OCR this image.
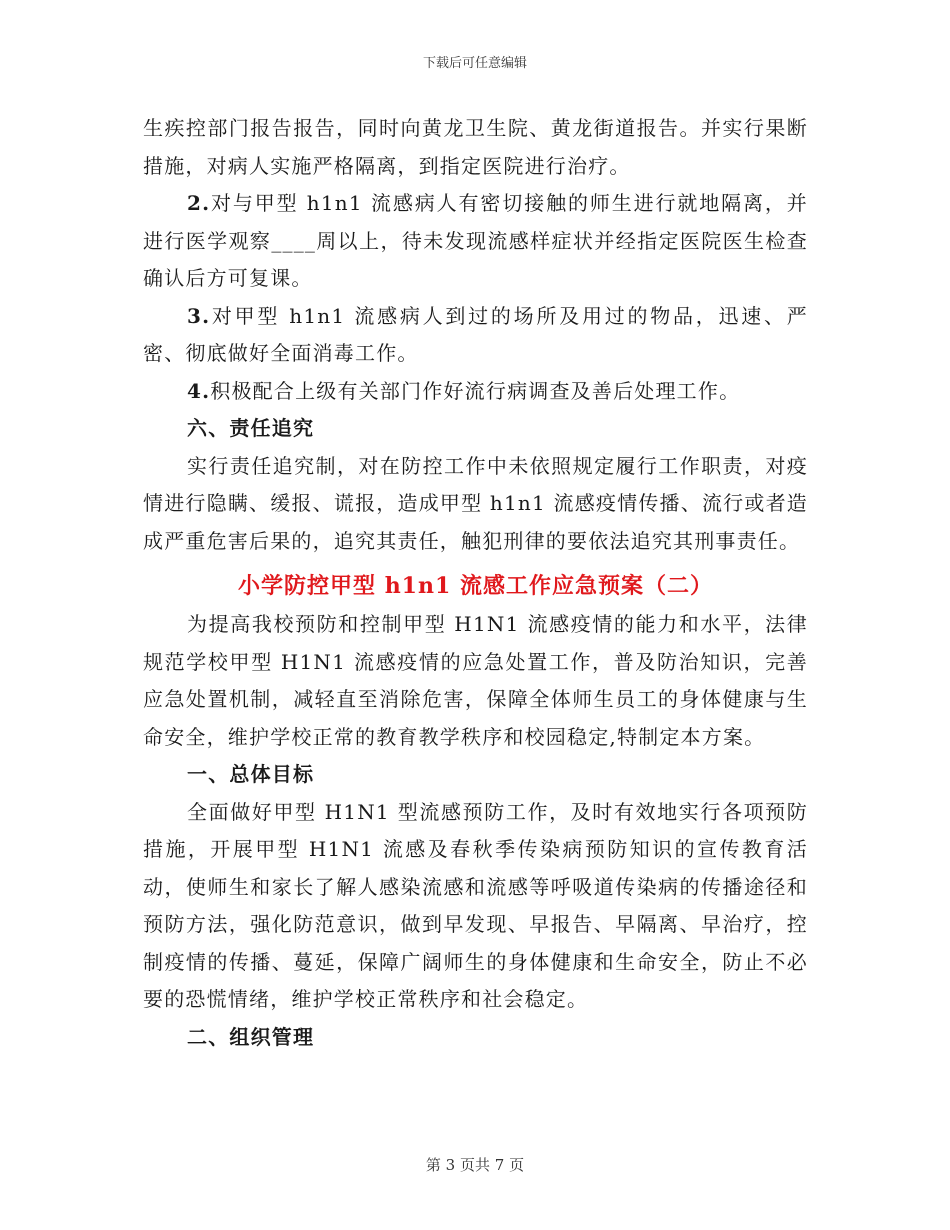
下载后可任意编辑

生疾控部门报告报告，同时向黄龙卫生院、黄龙街道报告。并实行果断措施，对病人实施严格隔离，到指定医院进行治疗。

2.对与甲型 h1n1 流感病人有密切接触的师生进行就地隔离，并进行医学观察____周以上，待未发现流感样症状并经指定医院医生检查确认后方可复课。

3.对甲型 h1n1 流感病人到过的场所及用过的物品，迅速、严密、彻底做好全面消毒工作。

4.积极配合上级有关部门作好流行病调查及善后处理工作。

六、责任追究

实行责任追究制，对在防控工作中未依照规定履行工作职责，对疫情进行隐瞒、缓报、谎报，造成甲型 h1n1 流感疫情传播、流行或者造成严重危害后果的，追究其责任，触犯刑律的要依法追究其刑事责任。

小学防控甲型 h1n1 流感工作应急预案（二）

为提高我校预防和控制甲型 H1N1 流感疫情的能力和水平，法律规范学校甲型 H1N1 流感疫情的应急处置工作，普及防治知识，完善应急处置机制，减轻直至消除危害，保障全体师生员工的身体健康与生命安全，维护学校正常的教育教学秩序和校园稳定,特制定本方案。

一、总体目标

全面做好甲型 H1N1 型流感预防工作，及时有效地实行各项预防措施，开展甲型 H1N1 流感及春秋季传染病预防知识的宣传教育活动，使师生和家长了解人感染流感和流感等呼吸道传染病的传播途径和预防方法，强化防范意识，做到早发现、早报告、早隔离、早治疗，控制疫情的传播、蔓延，保障广阔师生的身体健康和生命安全，防止不必要的恐慌情绪，维护学校正常秩序和社会稳定。

二、组织管理

第 3 页共 7 页
